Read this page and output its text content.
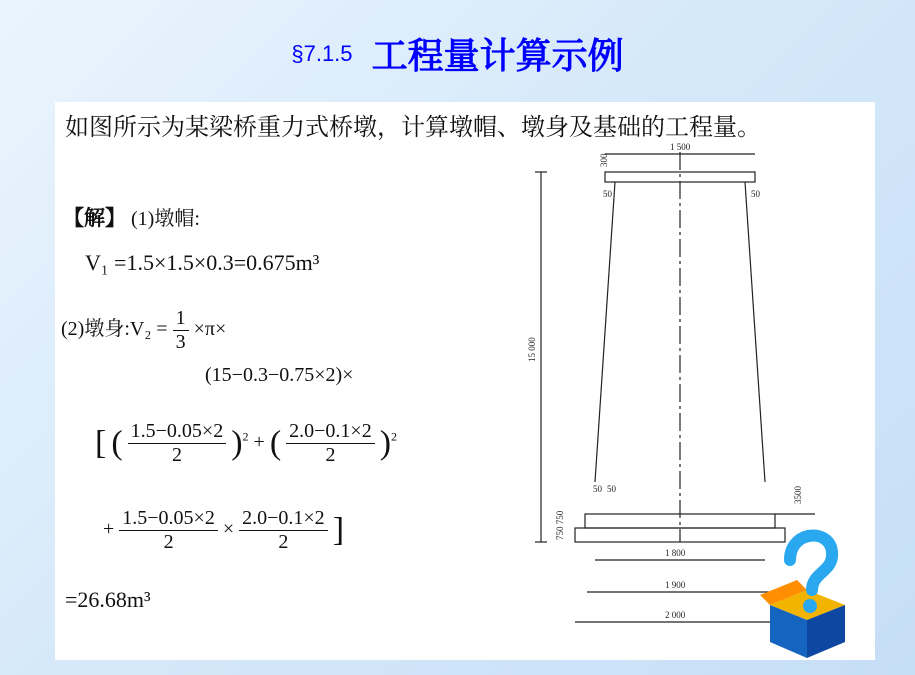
§7.1.5 工程量计算示例
如图所示为某梁桥重力式桥墩，计算墩帽、墩身及基础的工程量。
【解】 (1)墩帽:
V₁ =1.5×1.5×0.3=0.675m³
(2)墩身:V₂ = $\frac{1}{3} \times\pi\times$
(15−0.3−0.75×2)×
[ ( $\frac{1.5-0.05\times 2}{2} )^2$ + ( $\frac{2.0-0.1\times 2}{2} )^2$
+ $\frac{1.5-0.05\times 2}{2} \times \frac{2.0-0.1\times 2}{2}$ ]
=26.68m³
1 500
300
50	50
15 000
50 50	3500
750 750
1 800
1 900
2 000
